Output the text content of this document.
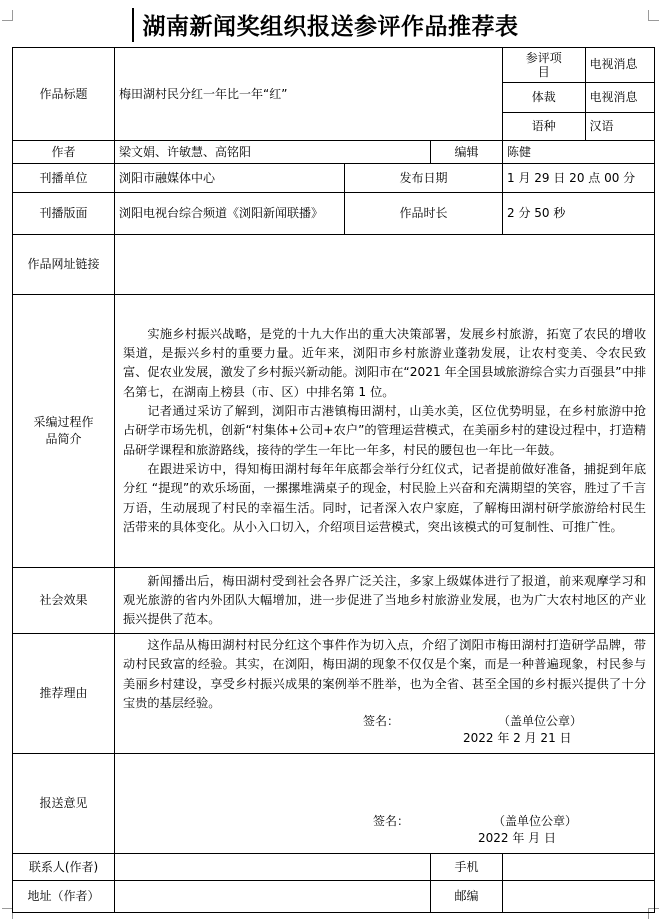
湖南新闻奖组织报送参评作品推荐表
作品标题	梅田湖村民分红一年比一年“红”	
参评项目	电视消息
体裁	电视消息
语种	汉语

作者	梁文娟、许敏慧、高铭阳	编辑	陈健
刊播单位	浏阳市融媒体中心	发布日期	1 月 29 日 20 点 00 分
刊播版面	浏阳电视台综合频道《浏阳新闻联播》	作品时长	2 分 50 秒
作品网址链接	
采编过程作品简介	

实施乡村振兴战略，是党的十九大作出的重大决策部署，发展乡村旅游，拓宽了农民的增收渠道，是振兴乡村的重要力量。近年来，浏阳市乡村旅游业蓬勃发展，让农村变美、令农民致富、促农业发展，激发了乡村振兴新动能。浏阳市在“2021 年全国县域旅游综合实力百强县”中排名第七，在湖南上榜县（市、区）中排名第 1 位。

记者通过采访了解到，浏阳市古港镇梅田湖村，山美水美，区位优势明显，在乡村旅游中抢占研学市场先机，创新“村集体+公司+农户”的管理运营模式，在美丽乡村的建设过程中，打造精品研学课程和旅游路线，接待的学生一年比一年多，村民的腰包也一年比一年鼓。

在跟进采访中，得知梅田湖村每年年底都会举行分红仪式，记者提前做好准备，捕捉到年底分红 “提现”的欢乐场面，一摞摞堆满桌子的现金，村民脸上兴奋和充满期望的笑容，胜过了千言万语，生动展现了村民的幸福生活。同时，记者深入农户家庭，了解梅田湖村研学旅游给村民生活带来的具体变化。从小入口切入，介绍项目运营模式，突出该模式的可复制性、可推广性。

社会效果	

新闻播出后，梅田湖村受到社会各界广泛关注，多家上级媒体进行了报道，前来观摩学习和观光旅游的省内外团队大幅增加，进一步促进了当地乡村旅游业发展，也为广大农村地区的产业振兴提供了范本。

推荐理由	

这作品从梅田湖村村民分红这个事件作为切入点，介绍了浏阳市梅田湖村打造研学品牌，带动村民致富的经验。其实，在浏阳，梅田湖的现象不仅仅是个案，而是一种普遍现象，村民参与美丽乡村建设，享受乡村振兴成果的案例举不胜举，也为全省、甚至全国的乡村振兴提供了十分宝贵的基层经验。

签名：	（盖单位公章）
2022 年 2 月 21 日

报送意见	
签名：	（盖单位公章）
2022 年 月 日

联系人(作者)		手机	
地址（作者）		邮编	
